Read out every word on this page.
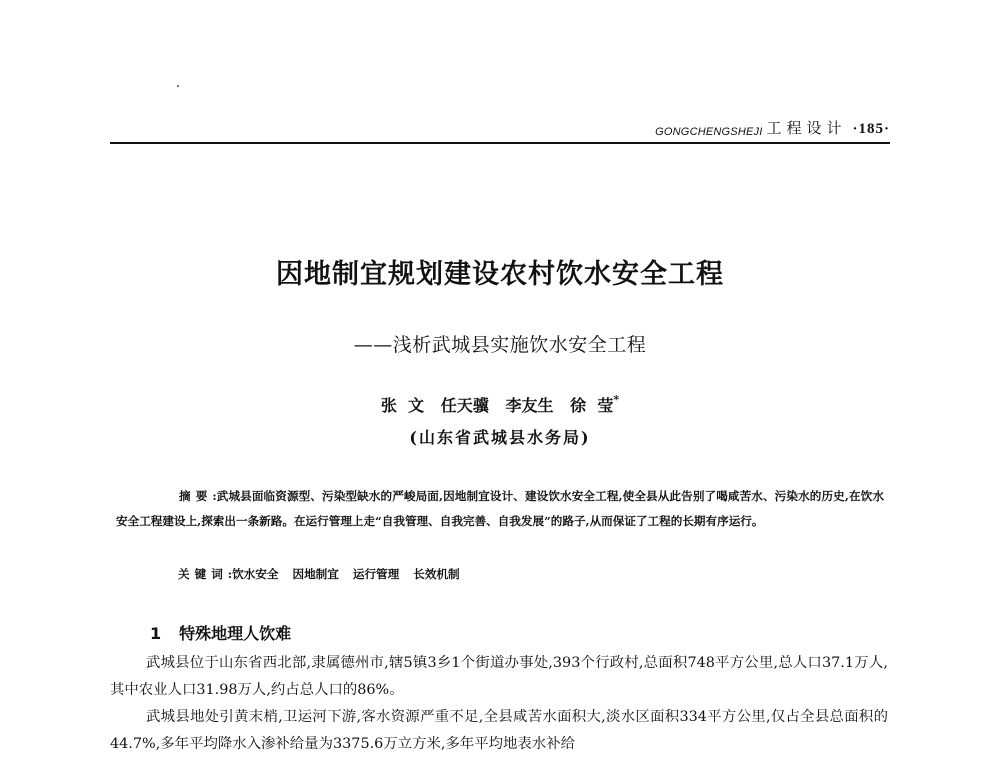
GONGCHENGSHEJI 工程设计 ·185·
因地制宜规划建设农村饮水安全工程
——浅析武城县实施饮水安全工程
张  文   任天骥   李友生   徐  莹*
(山东省武城县水务局)
摘要:武城县面临资源型、污染型缺水的严峻局面,因地制宜设计、建设饮水安全工程,使全县从此告别了喝咸苦水、污染水的历史,在饮水安全工程建设上,探索出一条新路。在运行管理上走“自我管理、自我完善、自我发展”的路子,从而保证了工程的长期有序运行。
关键词:饮水安全 因地制宜 运行管理 长效机制
1 特殊地理人饮难

武城县位于山东省西北部,隶属德州市,辖5镇3乡1个街道办事处,393个行政村,总面积748平方公里,总人口37.1万人,其中农业人口31.98万人,约占总人口的86%。

武城县地处引黄末梢,卫运河下游,客水资源严重不足,全县咸苦水面积大,淡水区面积334平方公里,仅占全县总面积的44.7%,多年平均降水入渗补给量为3375.6万立方米,多年平均地表水补给
